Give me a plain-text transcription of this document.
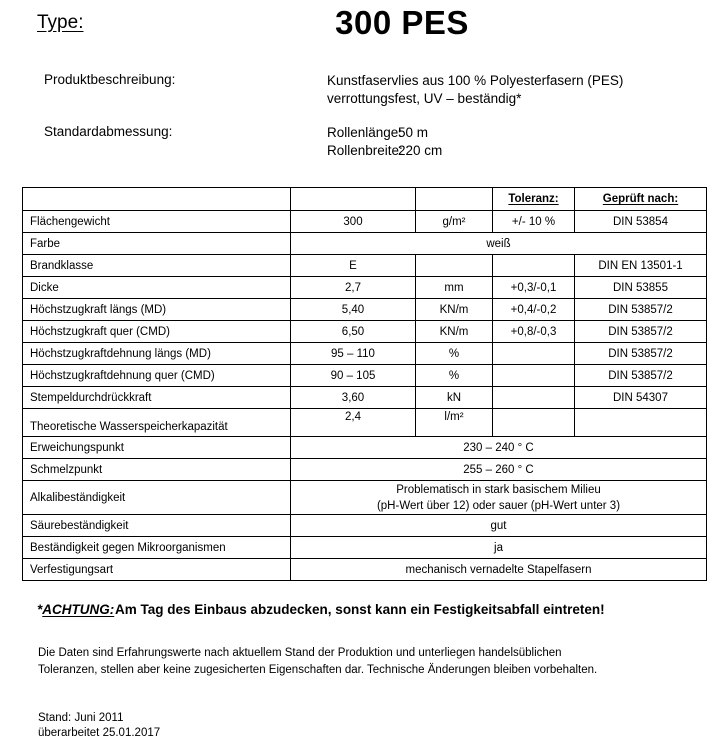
Type:	300 PES
Produktbeschreibung:	Kunstfaservlies aus 100 % Polyesterfasern (PES)
verrottungsfest, UV – beständig*
Standardabmessung:	Rollenlänge:
50 m
Rollenbreite:
220 cm
			Toleranz:	Geprüft nach:
Flächengewicht	300	g/m²	+/- 10 %	DIN 53854
Farbe	weiß			

Brandklasse	E			DIN EN 13501-1
Dicke	2,7	mm	+0,3/-0,1	DIN 53855
Höchstzugkraft längs (MD)	5,40	KN/m	+0,4/-0,2	DIN 53857/2
Höchstzugkraft quer (CMD)	6,50	KN/m	+0,8/-0,3	DIN 53857/2
Höchstzugkraftdehnung längs (MD)	95 – 110	%		DIN 53857/2
Höchstzugkraftdehnung quer (CMD)	90 – 105	%		DIN 53857/2
Stempeldurchdrückkraft	3,60	kN		DIN 54307
Theoretische Wasserspeicherkapazität	2,4	l/m²		
Erweichungspunkt	230 – 240 ° C			

Schmelzpunkt	255 – 260 ° C			

Alkalibeständigkeit	Problematisch in stark basischem Milieu
(pH-Wert über 12) oder sauer (pH-Wert unter 3)			

Säurebeständigkeit	gut			

Beständigkeit gegen Mikroorganismen	ja			

Verfestigungsart	mechanisch vernadelte Stapelfasern			
*ACHTUNG: Am Tag des Einbaus abzudecken, sonst kann ein Festigkeitsabfall eintreten!
Die Daten sind Erfahrungswerte nach aktuellem Stand der Produktion und unterliegen handelsüblichen
Toleranzen, stellen aber keine zugesicherten Eigenschaften dar. Technische Änderungen bleiben vorbehalten.
Stand: Juni 2011
überarbeitet 25.01.2017
